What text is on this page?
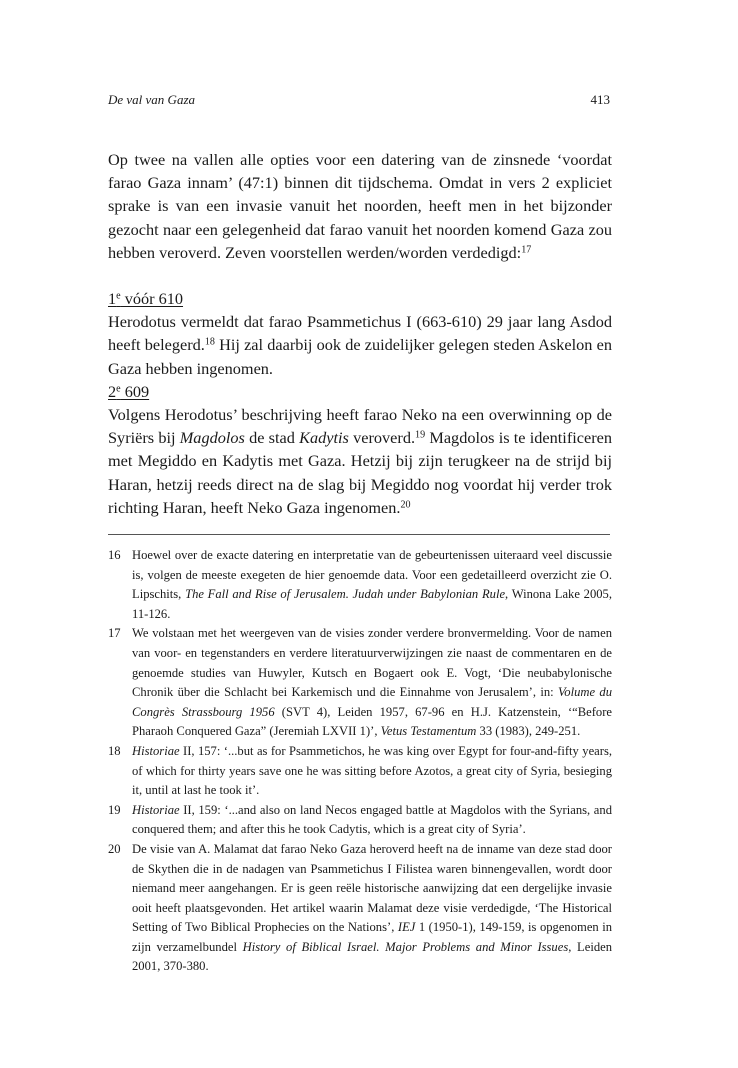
De val van Gaza	413

Op twee na vallen alle opties voor een datering van de zinsnede ‘voordat farao Gaza innam’ (47:1) binnen dit tijdschema. Omdat in vers 2 expliciet sprake is van een invasie vanuit het noorden, heeft men in het bijzonder gezocht naar een gelegenheid dat farao vanuit het noorden komend Gaza zou hebben veroverd. Zeven voorstellen werden/worden verdedigd:$^{17}$

1e vóór 610

Herodotus vermeldt dat farao Psammetichus I (663-610) 29 jaar lang Asdod heeft belegerd.$^{18}$ Hij zal daarbij ook de zuidelijker gelegen steden Askelon en Gaza hebben ingenomen.

2e 609

Volgens Herodotus’ beschrijving heeft farao Neko na een overwinning op de Syriërs bij Magdolos de stad Kadytis veroverd.$^{19}$ Magdolos is te identificeren met Megiddo en Kadytis met Gaza. Hetzij bij zijn terugkeer na de strijd bij Haran, hetzij reeds direct na de slag bij Megiddo nog voordat hij verder trok richting Haran, heeft Neko Gaza ingenomen.$^{20}$

16 Hoewel over de exacte datering en interpretatie van de gebeurtenissen uiteraard veel discussie is, volgen de meeste exegeten de hier genoemde data. Voor een gedetailleerd overzicht zie O. Lipschits, The Fall and Rise of Jerusalem. Judah under Babylonian Rule, Winona Lake 2005, 11-126.
17 We volstaan met het weergeven van de visies zonder verdere bronvermelding. Voor de namen van voor- en tegenstanders en verdere literatuurverwijzingen zie naast de commentaren en de genoemde studies van Huwyler, Kutsch en Bogaert ook E. Vogt, ‘Die neubabylonische Chronik über die Schlacht bei Karkemisch und die Einnahme von Jerusalem’, in: Volume du Congrès Strassbourg 1956 (SVT 4), Leiden 1957, 67-96 en H.J. Katzenstein, ‘“Before Pharaoh Conquered Gaza” (Jeremiah LXVII 1)’, Vetus Testamentum 33 (1983), 249-251.
18 Historiae II, 157: ‘...but as for Psammetichos, he was king over Egypt for four-and-fifty years, of which for thirty years save one he was sitting before Azotos, a great city of Syria, besieging it, until at last he took it’.
19 Historiae II, 159: ‘...and also on land Necos engaged battle at Magdolos with the Syrians, and conquered them; and after this he took Cadytis, which is a great city of Syria’.
20 De visie van A. Malamat dat farao Neko Gaza heroverd heeft na de inname van deze stad door de Skythen die in de nadagen van Psammetichus I Filistea waren binnengevallen, wordt door niemand meer aangehangen. Er is geen reële historische aanwijzing dat een dergelijke invasie ooit heeft plaatsgevonden. Het artikel waarin Malamat deze visie verdedigde, ‘The Historical Setting of Two Biblical Prophecies on the Nations’, IEJ 1 (1950-1), 149-159, is opgenomen in zijn verzamelbundel History of Biblical Israel. Major Problems and Minor Issues, Leiden 2001, 370-380.
